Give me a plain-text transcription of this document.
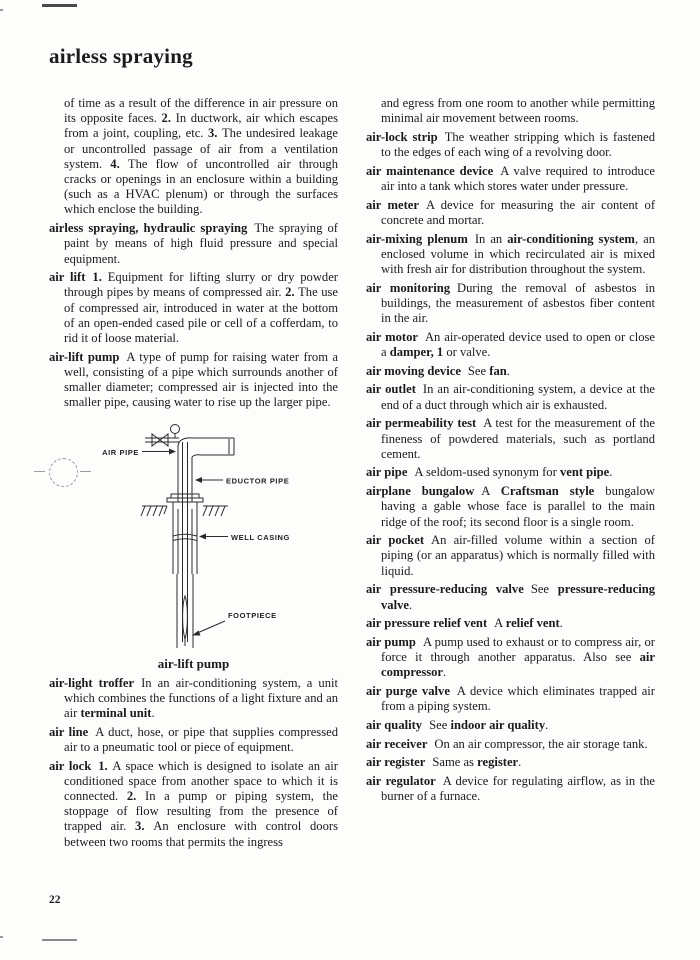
airless spraying
22

of time as a result of the difference in air pressure on its opposite faces. 2. In ductwork, air which escapes from a joint, coupling, etc. 3. The undesired leakage or uncontrolled passage of air from a ventilation system. 4. The flow of uncontrolled air through cracks or openings in an enclosure within a building (such as a HVAC plenum) or through the surfaces which enclose the building.

airless spraying, hydraulic spraying The spraying of paint by means of high fluid pressure and special equipment.

air lift 1. Equipment for lifting slurry or dry powder through pipes by means of compressed air. 2. The use of compressed air, introduced in water at the bottom of an open-ended cased pile or cell of a cofferdam, to rid it of loose material.

air-lift pump A type of pump for raising water from a well, consisting of a pipe which surrounds another of smaller diameter; compressed air is injected into the smaller pipe, causing water to rise up the larger pipe.

AIR PIPE
EDUCTOR PIPE
WELL CASING
FOOTPIECE
air-lift pump

air-light troffer In an air-conditioning system, a unit which combines the functions of a light fixture and an air terminal unit.

air line A duct, hose, or pipe that supplies compressed air to a pneumatic tool or piece of equipment.

air lock 1. A space which is designed to isolate an air conditioned space from another space to which it is connected. 2. In a pump or piping system, the stoppage of flow resulting from the presence of trapped air. 3. An enclosure with control doors between two rooms that permits the ingress

and egress from one room to another while permitting minimal air movement between rooms.

air-lock strip The weather stripping which is fastened to the edges of each wing of a revolving door.

air maintenance device A valve required to introduce air into a tank which stores water under pressure.

air meter A device for measuring the air content of concrete and mortar.

air-mixing plenum In an air-conditioning system, an enclosed volume in which recirculated air is mixed with fresh air for distribution throughout the system.

air monitoring During the removal of asbestos in buildings, the measurement of asbestos fiber content in the air.

air motor An air-operated device used to open or close a damper, 1 or valve.

air moving device See fan.

air outlet In an air-conditioning system, a device at the end of a duct through which air is exhausted.

air permeability test A test for the measurement of the fineness of powdered materials, such as portland cement.

air pipe A seldom-used synonym for vent pipe.

airplane bungalow A Craftsman style bungalow having a gable whose face is parallel to the main ridge of the roof; its second floor is a single room.

air pocket An air-filled volume within a section of piping (or an apparatus) which is normally filled with liquid.

air pressure-reducing valve See pressure-reducing valve.

air pressure relief vent A relief vent.

air pump A pump used to exhaust or to compress air, or force it through another apparatus. Also see air compressor.

air purge valve A device which eliminates trapped air from a piping system.

air quality See indoor air quality.

air receiver On an air compressor, the air storage tank.

air register Same as register.

air regulator A device for regulating airflow, as in the burner of a furnace.
